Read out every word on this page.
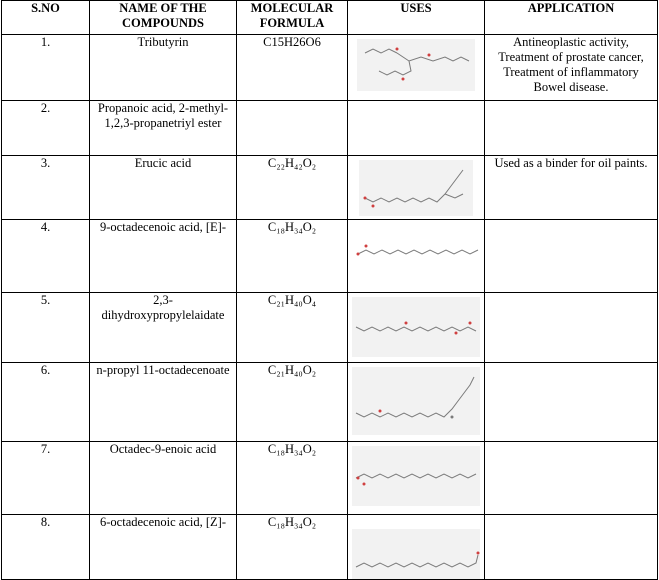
S.NO	NAME OF THE COMPOUNDS	MOLECULAR FORMULA	USES	APPLICATION
1.	Tributyrin	C15H26O6		Antineoplastic activity, Treatment of prostate cancer, Treatment of inflammatory Bowel disease.
2.	Propanoic acid, 2-methyl-1,2,3-propanetriyl ester			
3.	Erucic acid	C₂₂H₄₂O₂		Used as a binder for oil paints.
4.	9-octadecenoic acid, [E]-	C₁₈H₃₄O₂	

5.	2,3-dihydroxypropylelaidate	C₂₁H₄₀O₄	

6.	n-propyl 11-octadecenoate	C₂₁H₄₀O₂	

7.	Octadec-9-enoic acid	C₁₈H₃₄O₂	

8.	6-octadecenoic acid, [Z]-	C₁₈H₃₄O₂	
